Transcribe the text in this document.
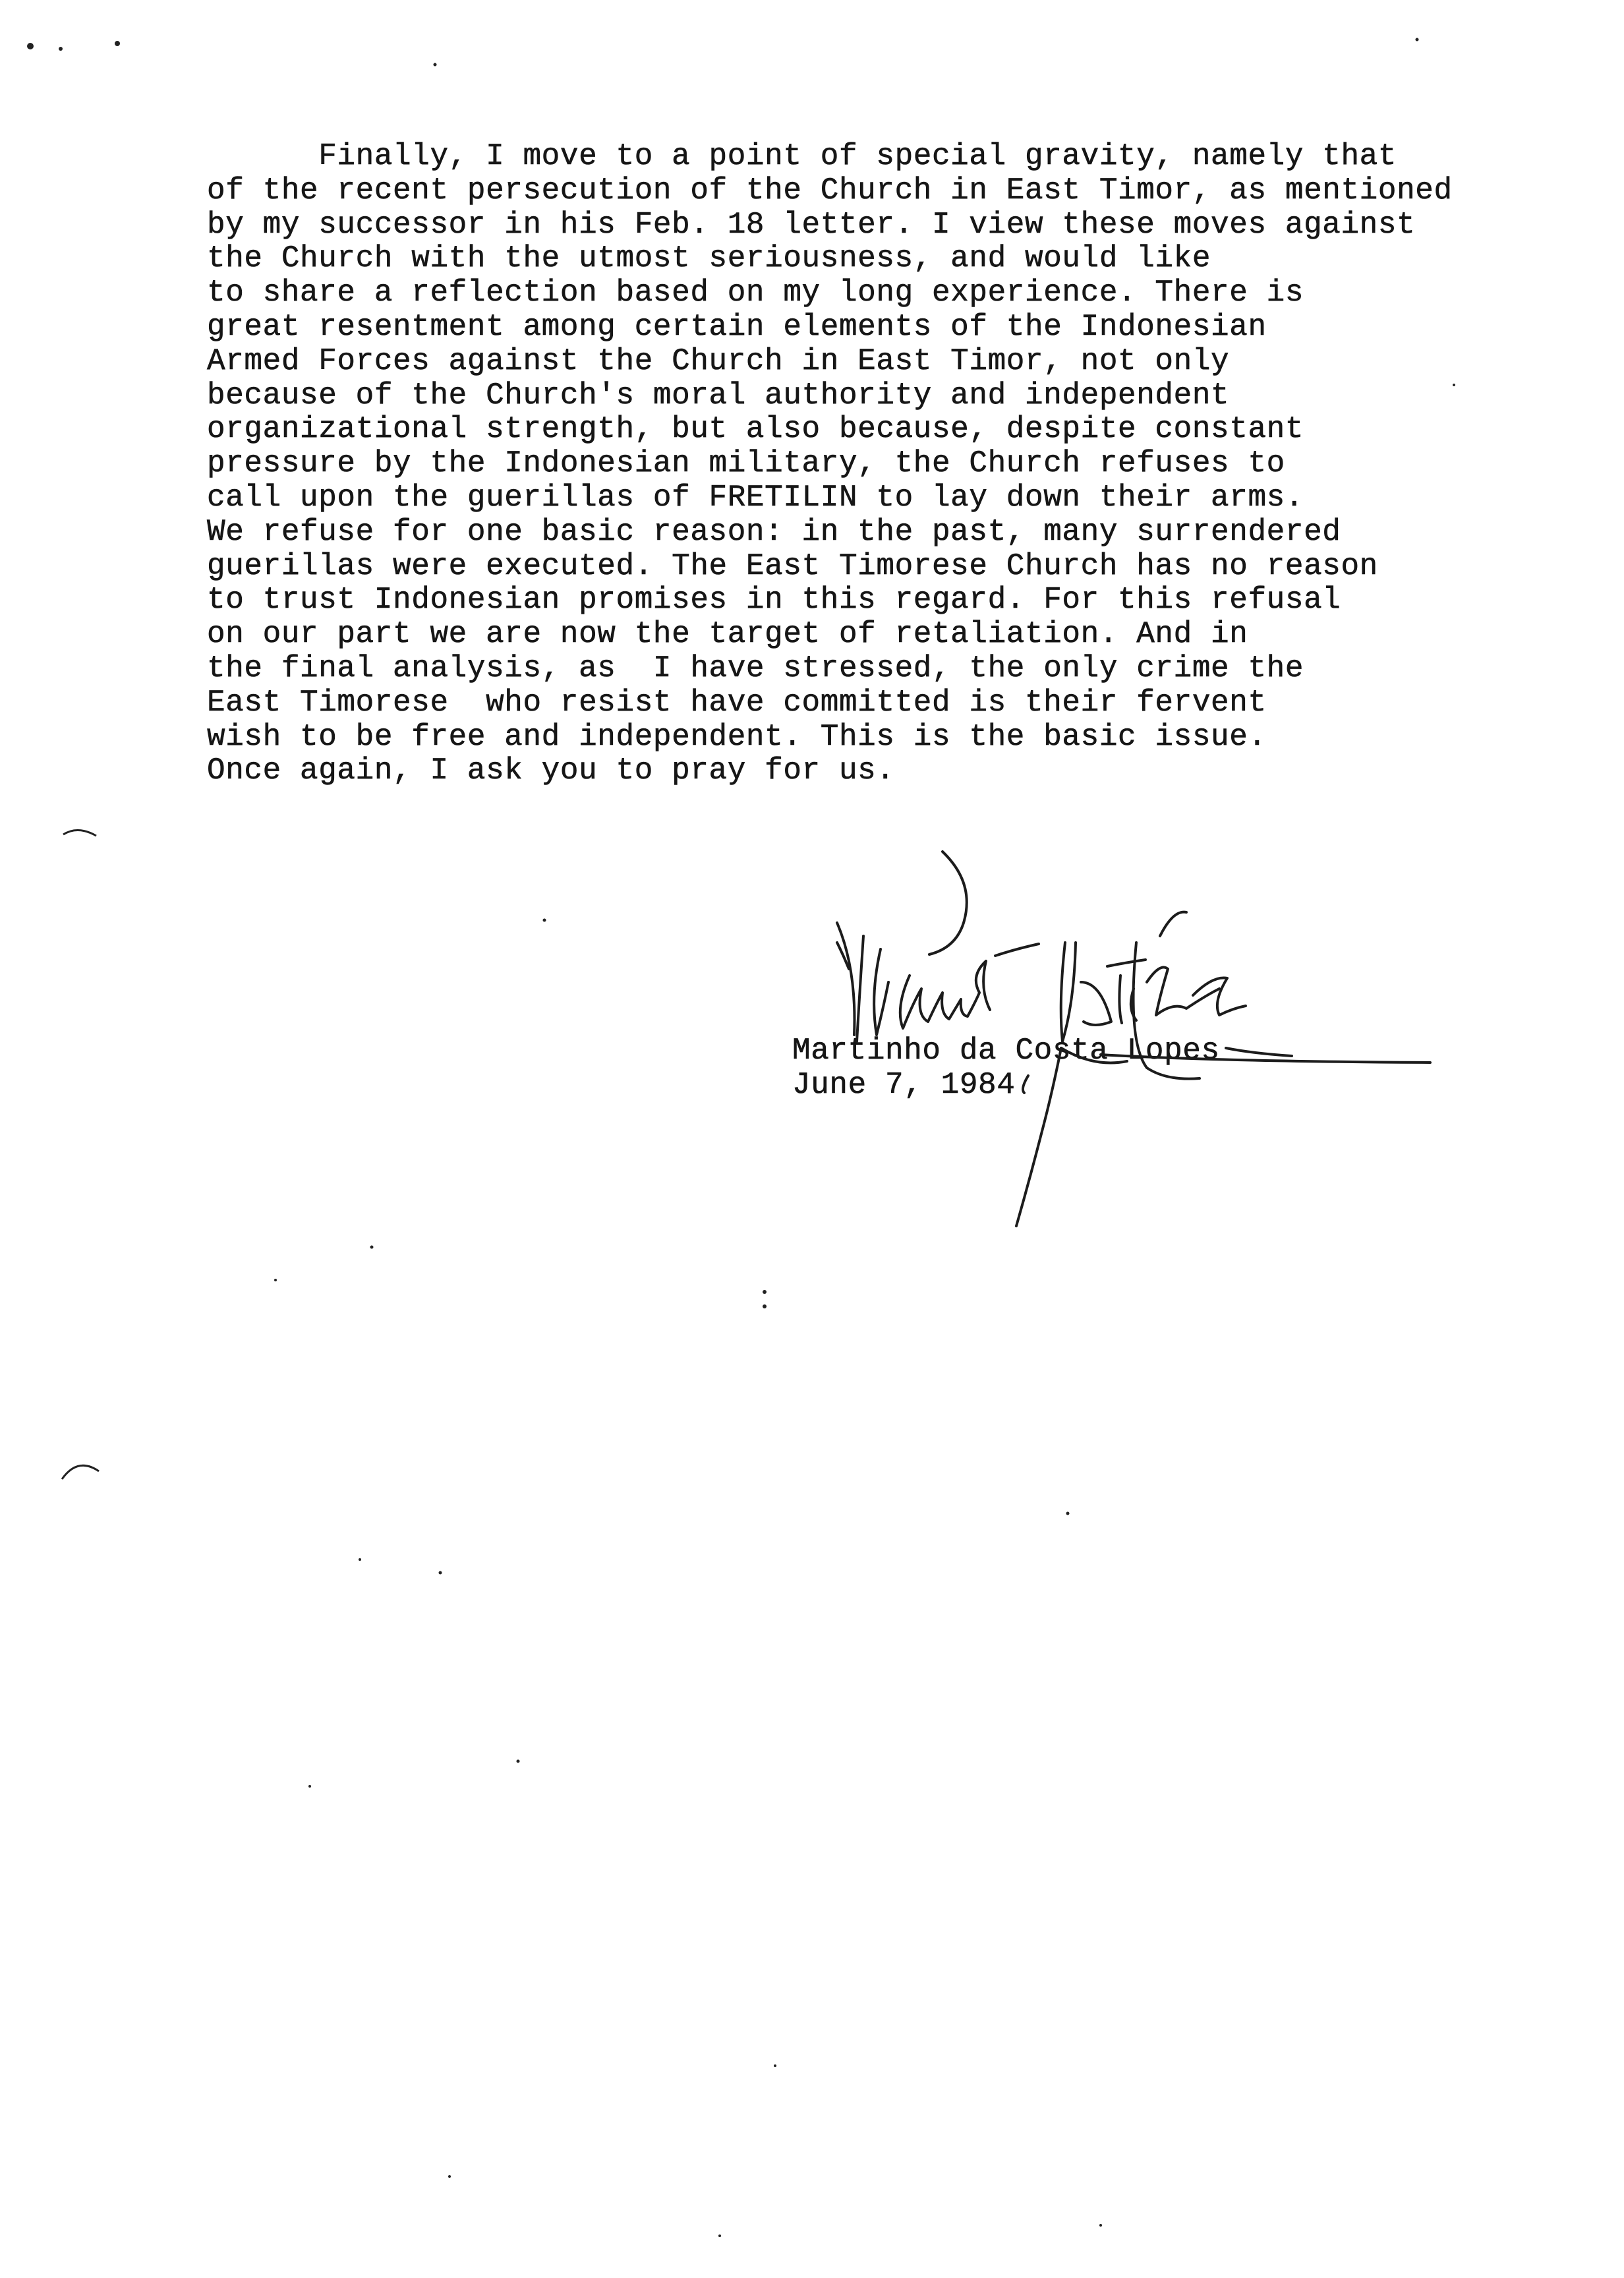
Finally, I move to a point of special gravity, namely that
of the recent persecution of the Church in East Timor, as mentioned
by my successor in his Feb. 18 letter. I view these moves against
the Church with the utmost seriousness, and would like
to share a reflection based on my long experience. There is
great resentment among certain elements of the Indonesian
Armed Forces against the Church in East Timor, not only
because of the Church's moral authority and independent
organizational strength, but also because, despite constant
pressure by the Indonesian military, the Church refuses to
call upon the guerillas of FRETILIN to lay down their arms.
We refuse for one basic reason: in the past, many surrendered
guerillas were executed. The East Timorese Church has no reason
to trust Indonesian promises in this regard. For this refusal
on our part we are now the target of retaliation. And in
the final analysis, as  I have stressed, the only crime the
East Timorese  who resist have committed is their fervent
wish to be free and independent. This is the basic issue.
Once again, I ask you to pray for us.
Martinho da Costa Lopes
June 7, 1984
